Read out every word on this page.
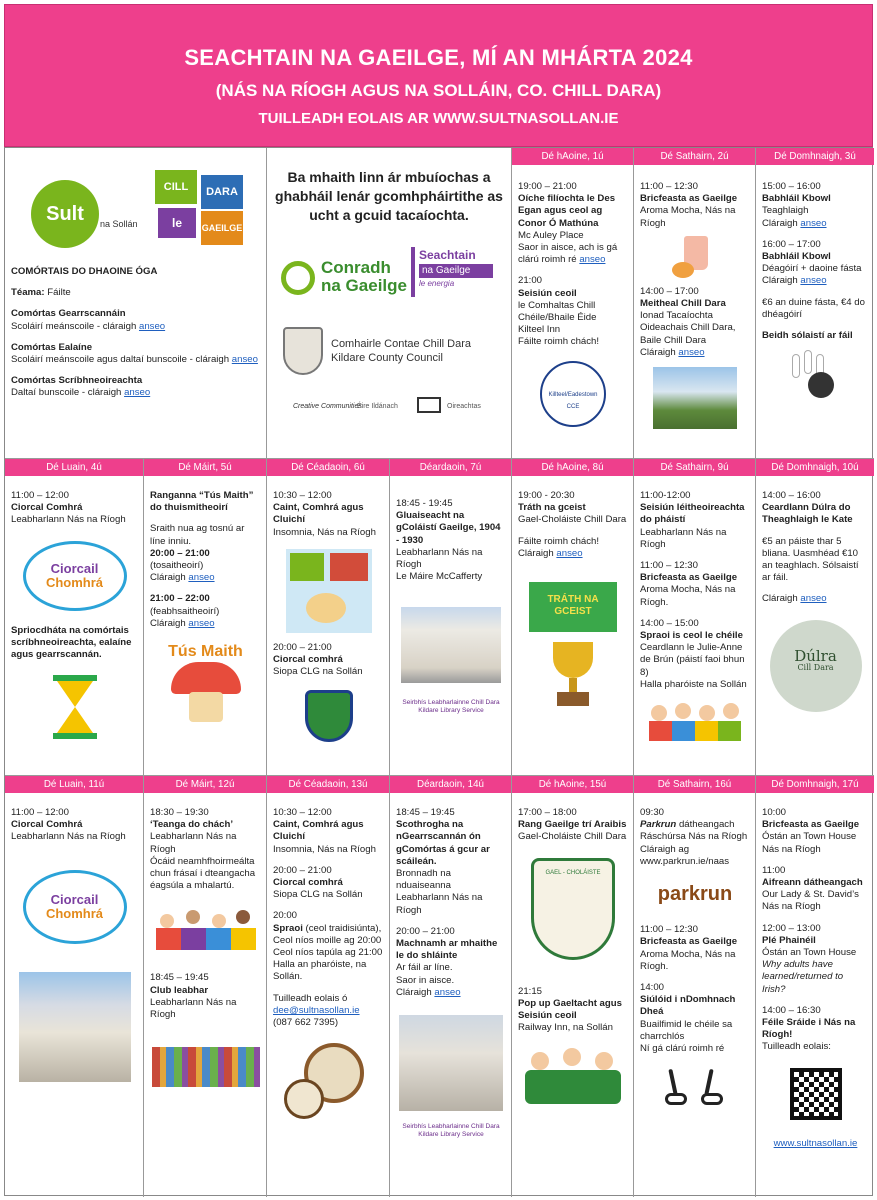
SEACHTAIN NA GAEILGE, MÍ AN MHÁRTA 2024
(NÁS NA RÍOGH AGUS NA SOLLÁIN, CO. CHILL DARA)
TUILLEADH EOLAIS AR WWW.SULTNASOLLAN.IE
Sult	na Sollán
CILL	DARA
le	GAEILGE
COMÓRTAIS DO DHAOINE ÓGA
Téama: Fáilte
Comórtas Gearrscannáin
Scoláirí meánscoile - cláraigh anseo
Comórtas Ealaíne
Scoláirí meánscoile agus daltaí bunscoile - cláraigh anseo
Comórtas Scríbhneoireachta
Daltaí bunscoile - cláraigh anseo
Ba mhaith linn ár mbuíochas a ghabháil lenár gcomhpháirtithe as ucht a gcuid tacaíochta.
Conradh
na Gaeilge
Seachtain
na Gaeilge
le energia
Comhairle Contae Chill Dara
Kildare County Council
Creative Communities
Éire Ildánach	Oireachtas
Dé hAoine, 1ú
19:00 – 21:00
Oíche filíochta le Des Egan agus ceol ag Conor Ó Mathúna
Mc Auley Place
Saor in aisce, ach is gá clárú roimh ré anseo
21:00
Seisiún ceoil
le Comhaltas Chill Chéile/Bhaile Éide
Kilteel Inn
Fáilte roimh chách!
Killteel/Eadestown CCE
Dé Sathairn, 2ú
11:00 – 12:30
Bricfeasta as Gaeilge
Aroma Mocha, Nás na Ríogh
14:00 – 17:00
Meitheal Chill Dara
Ionad Tacaíochta Oideachais Chill Dara, Baile Chill Dara
Cláraigh anseo
Dé Domhnaigh, 3ú
15:00 – 16:00
Babhláil Kbowl
Teaghlaigh
Cláraigh anseo
16:00 – 17:00
Babhláil Kbowl
Déagóirí + daoine fásta
Cláraigh anseo
€6 an duine fásta, €4 do dhéagóirí
Beidh sólaistí ar fáil
Dé Luain, 4ú
11:00 – 12:00
Ciorcal Comhrá
Leabharlann Nás na Ríogh
Ciorcail
Chomhrá
Spriocdháta na comórtais scríbhneoireachta, ealaíne agus gearrscannán.
Dé Máirt, 5ú
Ranganna “Tús Maith” do thuismitheoirí
Sraith nua ag tosnú ar líne inniu.
20:00 – 21:00
(tosaitheoirí)
Cláraigh anseo
21:00 – 22:00
(feabhsaitheoirí)
Cláraigh anseo
Tús Maith
Dé Céadaoin, 6ú
10:30 – 12:00
Caint, Comhrá agus Cluichí
Insomnia, Nás na Ríogh
20:00 – 21:00
Ciorcal comhrá
Siopa CLG na Sollán
Déardaoin, 7ú
18:45 - 19:45
Gluaiseacht na gColáistí Gaeilge, 1904 - 1930
Leabharlann Nás na Ríogh
Le Máire McCafferty
Seirbhís Leabharlainne Chill Dara
Kildare Library Service
Dé hAoine, 8ú
19:00 - 20:30
Tráth na gceist
Gael-Choláiste Chill Dara
Fáilte roimh chách!
Cláraigh anseo
TRÁTH NA GCEIST
Dé Sathairn, 9ú
11:00-12:00
Seisiún léitheoireachta do pháistí
Leabharlann Nás na Ríogh
11:00 – 12:30
Bricfeasta as Gaeilge
Aroma Mocha, Nás na Ríogh.
14:00 – 15:00
Spraoi is ceol le chéile
Ceardlann le Julie-Anne de Brún (páistí faoi bhun 8)
Halla pharóiste na Sollán
Dé Domhnaigh, 10ú
14:00 – 16:00
Ceardlann Dúlra do Theaghlaigh le Kate
€5 an páiste thar 5 bliana. Uasmhéad €10 an teaghlach. Sólsaistí ar fáil.
Cláraigh anseo
Dúlra
Cill Dara
Dé Luain, 11ú
11:00 – 12:00
Ciorcal Comhrá
Leabharlann Nás na Ríogh
Ciorcail
Chomhrá
Dé Máirt, 12ú
18:30 – 19:30
‘Teanga do chách’
Leabharlann Nás na Ríogh
Ócáid neamhfhoirmeálta chun frásaí i dteangacha éagsúla a mhalartú.
18:45 – 19:45
Club leabhar
Leabharlann Nás na Ríogh
Dé Céadaoin, 13ú
10:30 – 12:00
Caint, Comhrá agus Cluichí
Insomnia, Nás na Ríogh
20:00 – 21:00
Ciorcal comhrá
Siopa CLG na Sollán
20:00
Spraoi (ceol traidisiúnta),
Ceol níos moille ag 20:00
Ceol níos tapúla ag 21:00
Halla an pharóiste, na Sollán.
Tuilleadh eolais ó
dee@sultnasollan.ie
(087 662 7395)
Déardaoin, 14ú
18:45 – 19:45
Scothrogha na nGearrscannán ón gComórtas á gcur ar scáileán.
Bronnadh na nduaiseanna
Leabharlann Nás na Ríogh
20:00 – 21:00
Machnamh ar mhaithe le do shláinte
Ar fáil ar líne.
Saor in aisce.
Cláraigh anseo
Seirbhís Leabharlainne Chill Dara
Kildare Library Service
Dé hAoine, 15ú
17:00 – 18:00
Rang Gaeilge trí Araibis
Gael-Choláiste Chill Dara
GAEL - CHOLÁISTE
21:15
Pop up Gaeltacht agus Seisiún ceoil
Railway Inn, na Sollán
Dé Sathairn, 16ú
09:30
Parkrun dátheangach
Ráschúrsa Nás na Ríogh
Cláraigh ag
www.parkrun.ie/naas
parkrun
11:00 – 12:30
Bricfeasta as Gaeilge
Aroma Mocha, Nás na Ríogh.
14:00
Siúlóid i nDomhnach Dheá
Buailfimid le chéile sa charrchlós
Ní gá clárú roimh ré
Dé Domhnaigh, 17ú
10:00
Bricfeasta as Gaeilge
Óstán an Town House
Nás na Ríogh
11:00
Aifreann dátheangach
Our Lady & St. David’s Nás na Ríogh
12:00 – 13:00
Plé Phainéil
Óstán an Town House
Why adults have learned/returned to Irish?
14:00 – 16:30
Féile Sráide i Nás na Ríogh!
Tuilleadh eolais:
www.sultnasollan.ie
